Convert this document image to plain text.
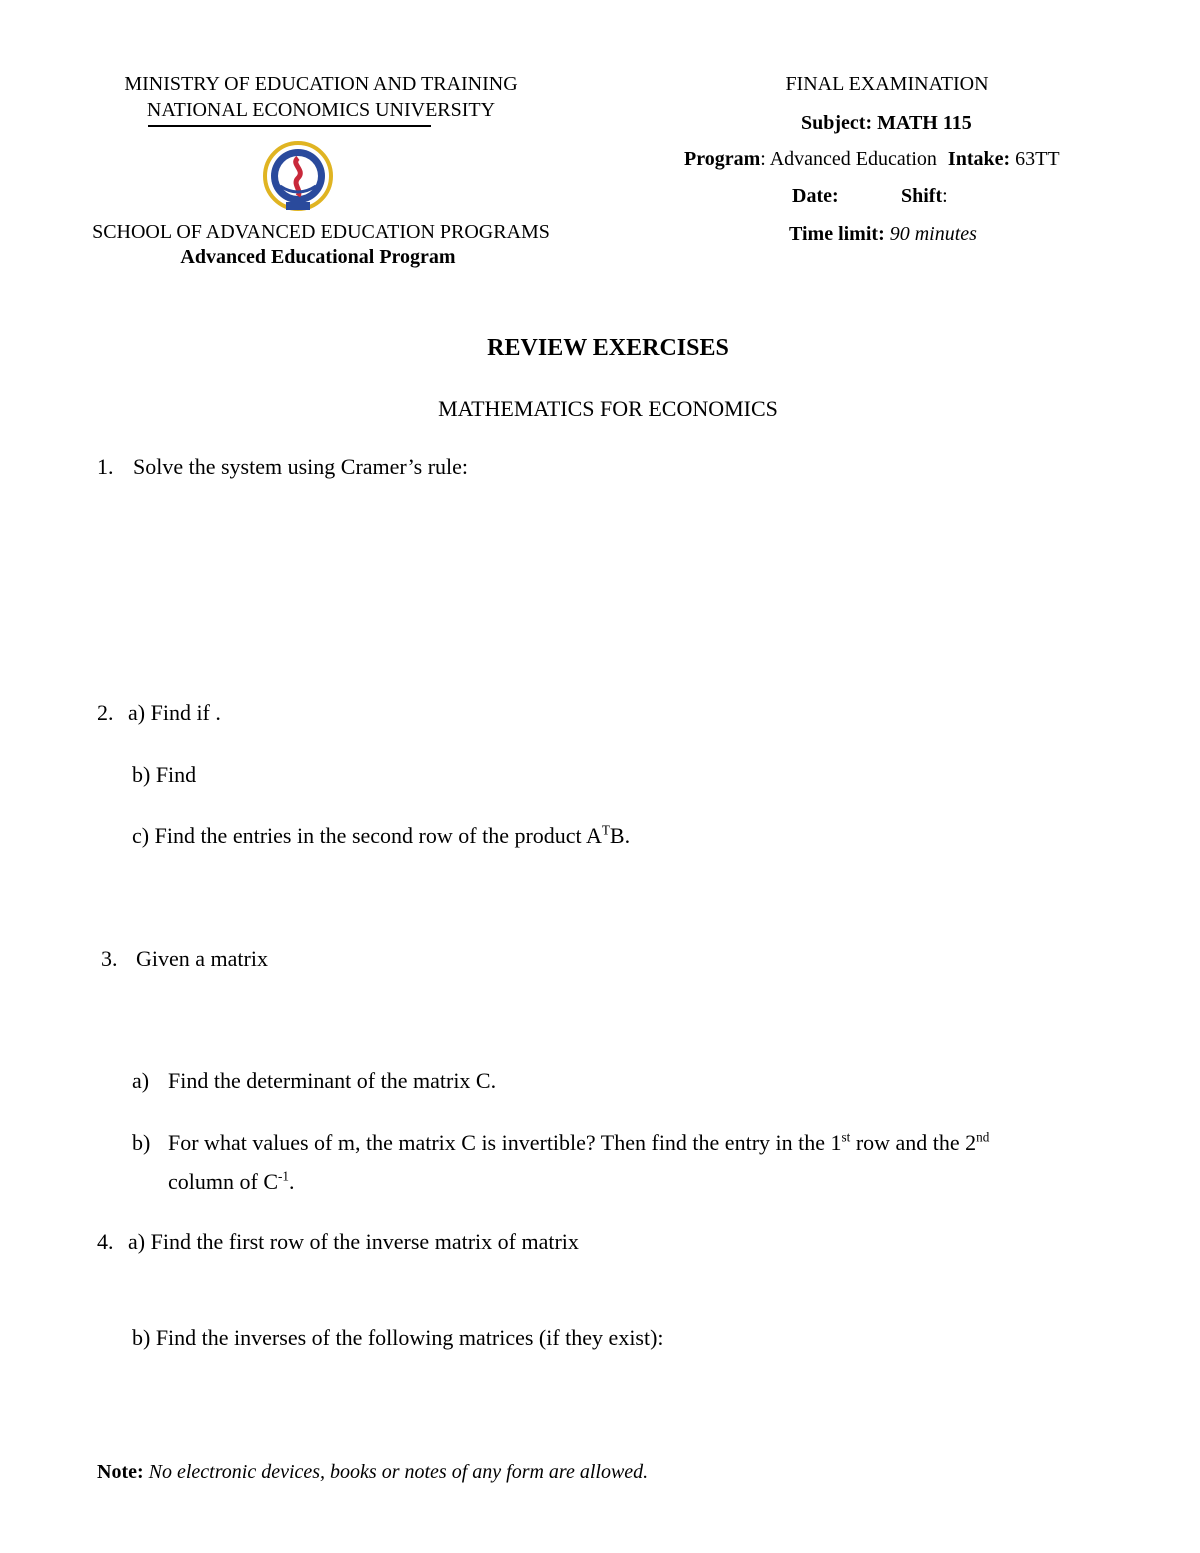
MINISTRY OF EDUCATION AND TRAINING
NATIONAL ECONOMICS UNIVERSITY
SCHOOL OF ADVANCED EDUCATION PROGRAMS
Advanced Educational Program
FINAL EXAMINATION
Subject: MATH 115
Program: Advanced Education Intake: 63TT
Date:	Shift:
Time limit: 90 minutes
REVIEW EXERCISES
MATHEMATICS FOR ECONOMICS
1. Solve the system using Cramer’s rule:
2. a) Find if .
b) Find
c) Find the entries in the second row of the product $A^TB$.
3. Given a matrix
a) Find the determinant of the matrix C.
b) For what values of m, the matrix C is invertible? Then find the entry in the 1st row and the 2nd
column of $C^{-1}$.
4. a) Find the first row of the inverse matrix of matrix
b) Find the inverses of the following matrices (if they exist):
Note: No electronic devices, books or notes of any form are allowed.
